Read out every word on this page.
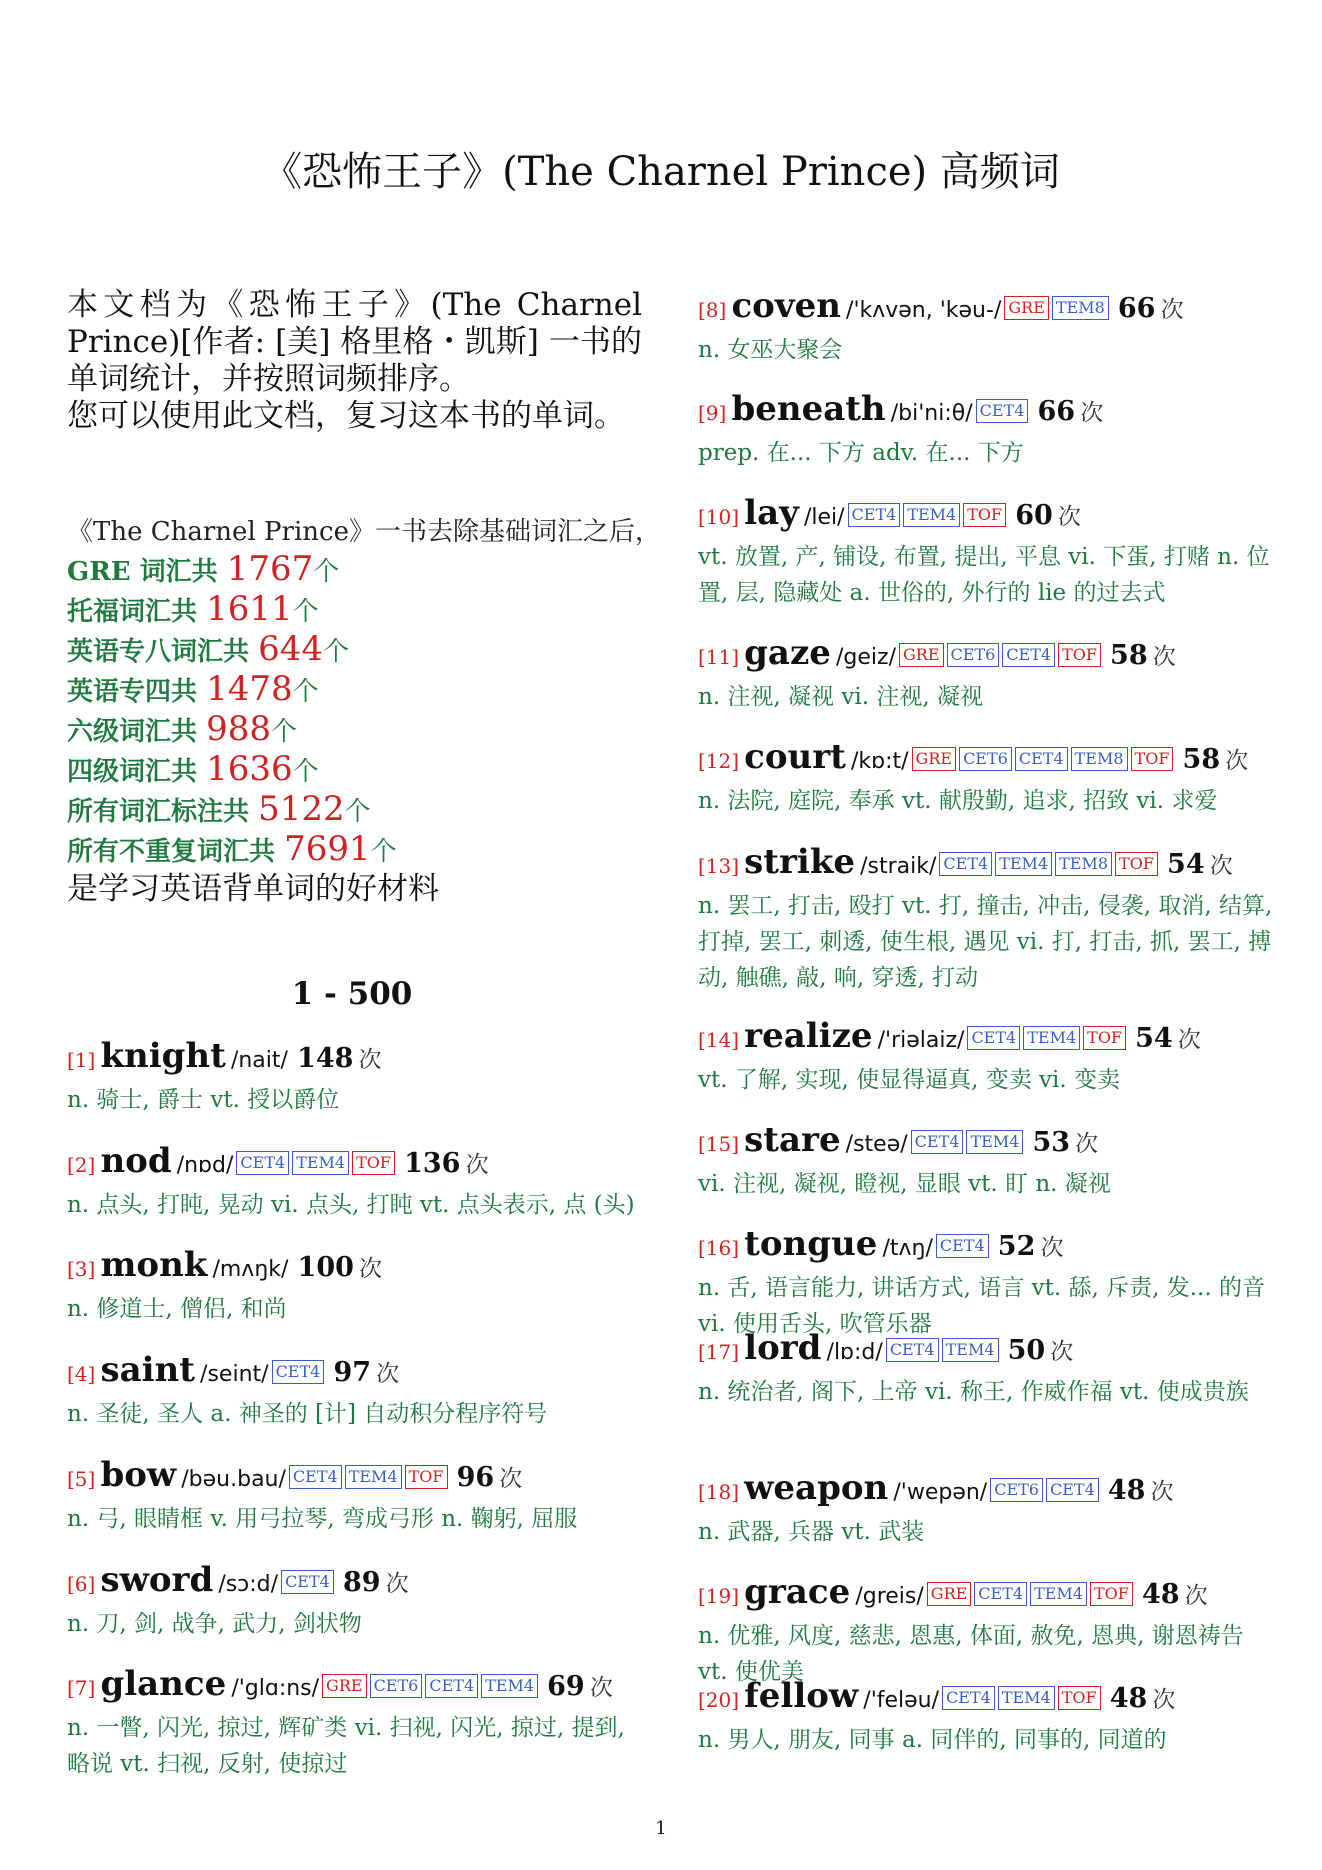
《恐怖王子》(The Charnel Prince) 高频词

本文档为《恐怖王子》(The Charnel Prince)[作者: [美] 格里格・凯斯] 一书的单词统计，并按照词频排序。

您可以使用此文档，复习这本书的单词。

《The Charnel Prince》一书去除基础词汇之后，
GRE 词汇共 1767个
托福词汇共 1611个
英语专八词汇共 644个
英语专四共 1478个
六级词汇共 988个
四级词汇共 1636个
所有词汇标注共 5122个
所有不重复词汇共 7691个
是学习英语背单词的好材料
1 - 500
[1] knight /nait/ 148 次
n. 骑士, 爵士 vt. 授以爵位
[2] nod /nɒd/ CET4 TEM4 TOF 136 次
n. 点头, 打盹, 晃动 vi. 点头, 打盹 vt. 点头表示, 点 (头)
[3] monk /mʌŋk/ 100 次
n. 修道士, 僧侣, 和尚
[4] saint /seint/ CET4 97 次
n. 圣徒, 圣人 a. 神圣的 [计] 自动积分程序符号
[5] bow /bəu.bau/ CET4 TEM4 TOF 96 次
n. 弓, 眼睛框 v. 用弓拉琴, 弯成弓形 n. 鞠躬, 屈服
[6] sword /sɔ:d/ CET4 89 次
n. 刀, 剑, 战争, 武力, 剑状物
[7] glance /'glɑ:ns/ GRE CET6 CET4 TEM4 69 次
n. 一瞥, 闪光, 掠过, 辉矿类 vi. 扫视, 闪光, 掠过, 提到, 略说 vt. 扫视, 反射, 使掠过
[8] coven /'kʌvən, 'kəu-/ GRE TEM8 66 次
n. 女巫大聚会
[9] beneath /bi'ni:θ/ CET4 66 次
prep. 在... 下方 adv. 在... 下方
[10] lay /lei/ CET4 TEM4 TOF 60 次
vt. 放置, 产, 铺设, 布置, 提出, 平息 vi. 下蛋, 打赌 n. 位置, 层, 隐藏处 a. 世俗的, 外行的 lie 的过去式
[11] gaze /geiz/ GRE CET6 CET4 TOF 58 次
n. 注视, 凝视 vi. 注视, 凝视
[12] court /kɒ:t/ GRE CET6 CET4 TEM8 TOF 58 次
n. 法院, 庭院, 奉承 vt. 献殷勤, 追求, 招致 vi. 求爱
[13] strike /straik/ CET4 TEM4 TEM8 TOF 54 次
n. 罢工, 打击, 殴打 vt. 打, 撞击, 冲击, 侵袭, 取消, 结算, 打掉, 罢工, 刺透, 使生根, 遇见 vi. 打, 打击, 抓, 罢工, 搏动, 触礁, 敲, 响, 穿透, 打动
[14] realize /'riəlaiz/ CET4 TEM4 TOF 54 次
vt. 了解, 实现, 使显得逼真, 变卖 vi. 变卖
[15] stare /steə/ CET4 TEM4 53 次
vi. 注视, 凝视, 瞪视, 显眼 vt. 盯 n. 凝视
[16] tongue /tʌŋ/ CET4 52 次
n. 舌, 语言能力, 讲话方式, 语言 vt. 舔, 斥责, 发... 的音 vi. 使用舌头, 吹管乐器
[17] lord /lɒ:d/ CET4 TEM4 50 次
n. 统治者, 阁下, 上帝 vi. 称王, 作威作福 vt. 使成贵族
[18] weapon /'wepən/ CET6 CET4 48 次
n. 武器, 兵器 vt. 武装
[19] grace /greis/ GRE CET4 TEM4 TOF 48 次
n. 优雅, 风度, 慈悲, 恩惠, 体面, 赦免, 恩典, 谢恩祷告 vt. 使优美
[20] fellow /'feləu/ CET4 TEM4 TOF 48 次
n. 男人, 朋友, 同事 a. 同伴的, 同事的, 同道的
1
